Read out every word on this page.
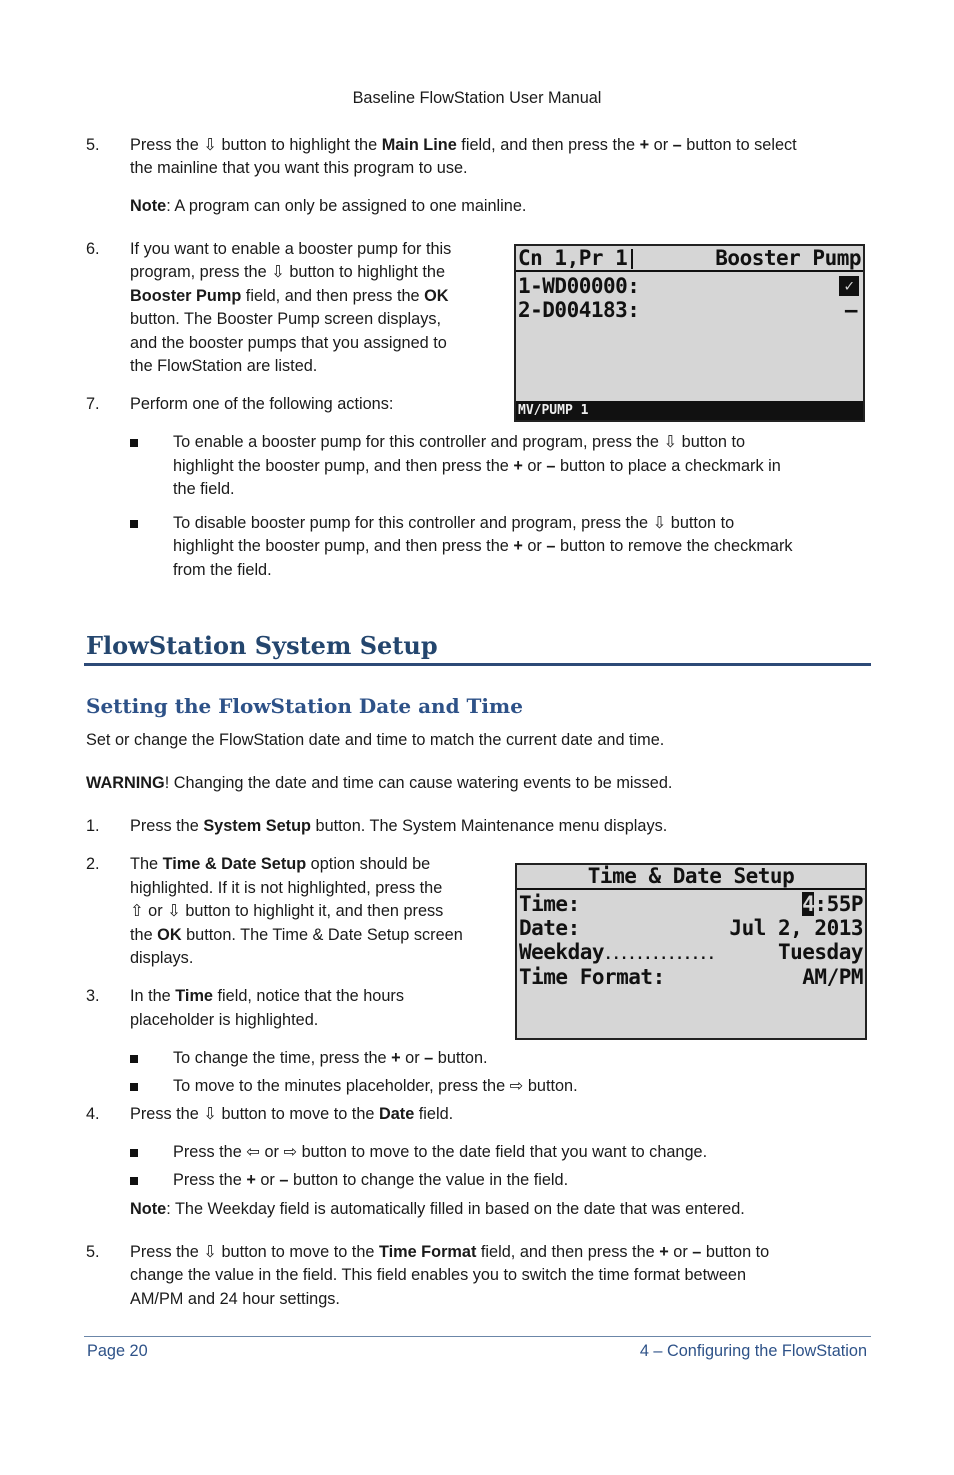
Baseline FlowStation User Manual
5.	Press the ⇩ button to highlight the Main Line field, and then press the + or – button to select
the mainline that you want this program to use.
Note: A program can only be assigned to one mainline.
6.	If you want to enable a booster pump for this
program, press the ⇩ button to highlight the
Booster Pump field, and then press the OK
button. The Booster Pump screen displays,
and the booster pumps that you assigned to
the FlowStation are listed.
Cn 1,Pr 1	Booster Pump
1-WD00000:	✓
2-D004183:	–
MV/PUMP 1
7.	Perform one of the following actions:
To enable a booster pump for this controller and program, press the ⇩ button to
highlight the booster pump, and then press the + or – button to place a checkmark in
the field.
To disable booster pump for this controller and program, press the ⇩ button to
highlight the booster pump, and then press the + or – button to remove the checkmark
from the field.
FlowStation System Setup
Setting the FlowStation Date and Time
Set or change the FlowStation date and time to match the current date and time.
WARNING! Changing the date and time can cause watering events to be missed.
1.	Press the System Setup button. The System Maintenance menu displays.
2.	The Time & Date Setup option should be
highlighted. If it is not highlighted, press the
⇧ or ⇩ button to highlight it, and then press
the OK button. The Time & Date Setup screen
displays.
Time & Date Setup
Time:	4:55P
Date:	Jul 2, 2013
Weekday..............	Tuesday
Time Format:	AM/PM
3.	In the Time field, notice that the hours
placeholder is highlighted.
To change the time, press the + or – button.
To move to the minutes placeholder, press the ⇨ button.
4.	Press the ⇩ button to move to the Date field.
Press the ⇦ or ⇨ button to move to the date field that you want to change.
Press the + or – button to change the value in the field.
Note: The Weekday field is automatically filled in based on the date that was entered.
5.	Press the ⇩ button to move to the Time Format field, and then press the + or – button to
change the value in the field. This field enables you to switch the time format between
AM/PM and 24 hour settings.
Page 20	4 – Configuring the FlowStation
